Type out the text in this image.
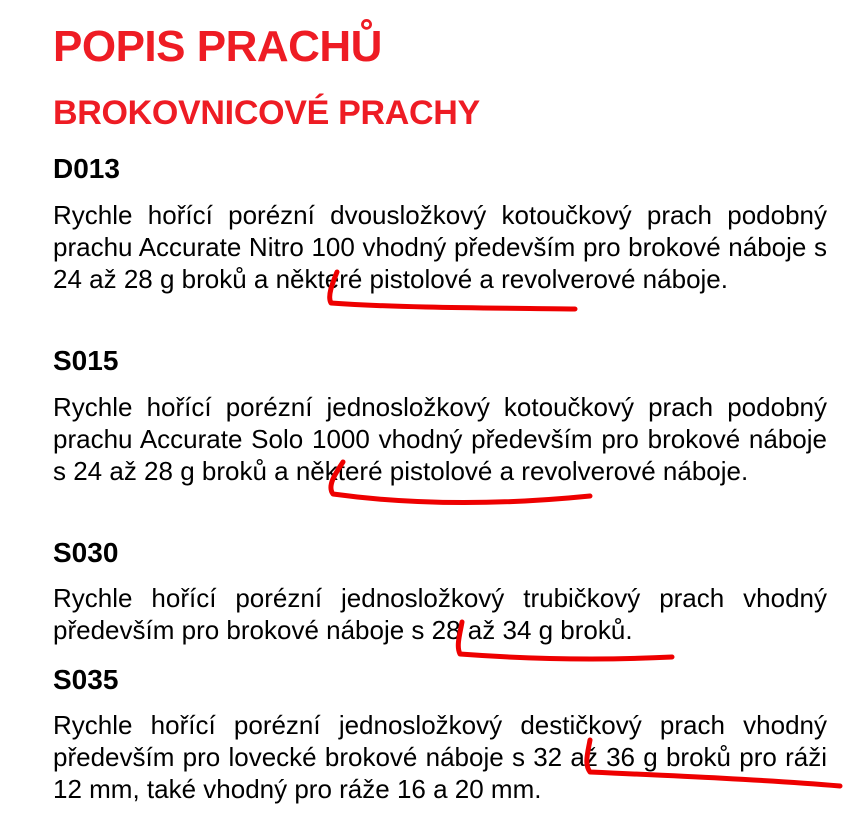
POPIS PRACHŮ
BROKOVNICOVÉ PRACHY
D013

Rychle hořící porézní dvousložkový kotoučkový prach podobný prachu Accurate Nitro 100 vhodný především pro brokové náboje s 24 až 28 g broků a některé pistolové a revolverové náboje.

S015

Rychle hořící porézní jednosložkový kotoučkový prach podobný prachu Accurate Solo 1000 vhodný především pro brokové náboje s 24 až 28 g broků a některé pistolové a revolverové náboje.

S030

Rychle hořící porézní jednosložkový trubičkový prach vhodný především pro brokové náboje s 28 až 34 g broků.

S035

Rychle hořící porézní jednosložkový destičkový prach vhodný především pro lovecké brokové náboje s 32 až 36 g broků pro ráži 12 mm, také vhodný pro ráže 16 a 20 mm.
